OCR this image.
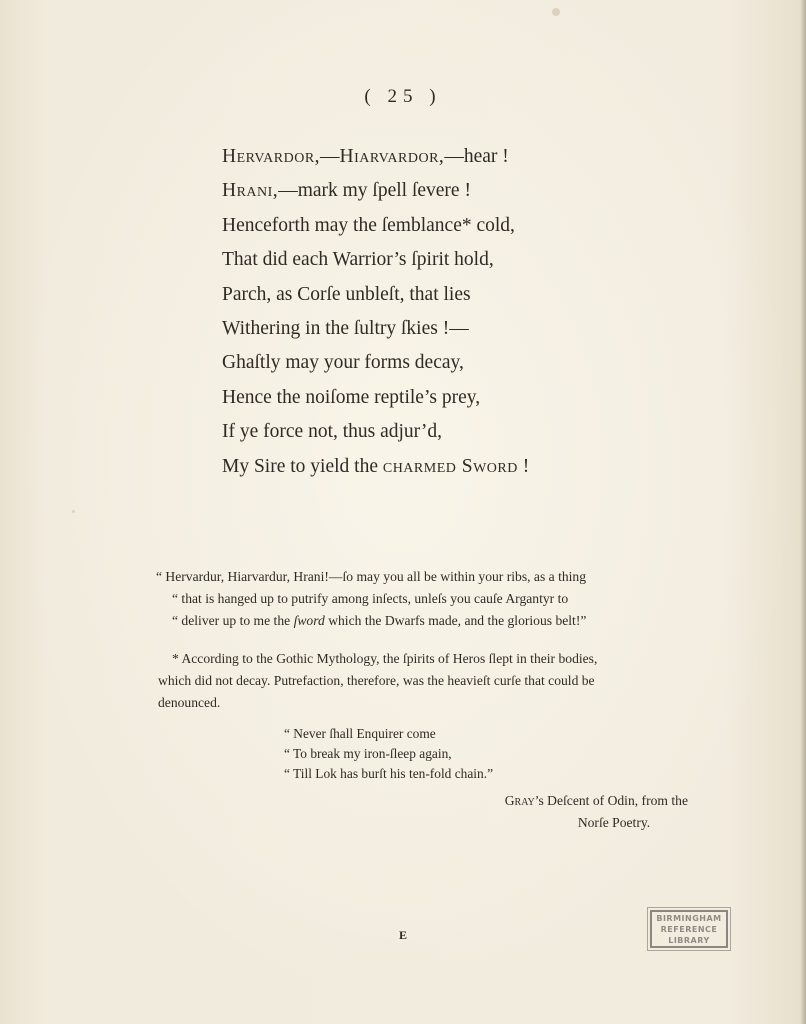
( 25 )
Hervardor,—Hiarvardor,—hear !
Hrani,—mark my ſpell ſevere !
Henceforth may the ſemblance* cold,
That did each Warrior’s ſpirit hold,
Parch, as Corſe unbleſt, that lies
Withering in the ſultry ſkies !—
Ghaſtly may your forms decay,
Hence the noiſome reptile’s prey,
If ye force not, thus adjur’d,
My Sire to yield the charmed Sword !
“ Hervardur, Hiarvardur, Hrani!—ſo may you all be within your ribs, as a thing
“ that is hanged up to putrify among inſects, unleſs you cauſe Argantyr to
“ deliver up to me the ſword which the Dwarfs made, and the glorious belt!”
* According to the Gothic Mythology, the ſpirits of Heros ſlept in their bodies,
which did not decay. Putrefaction, therefore, was the heavieſt curſe that could be
denounced.
“ Never ſhall Enquirer come
“ To break my iron-ſleep again,
“ Till Lok has burſt his ten-fold chain.”
Gray’s Deſcent of Odin, from the
Norſe Poetry.
E
BIRMINGHAM
REFERENCE
LIBRARY
